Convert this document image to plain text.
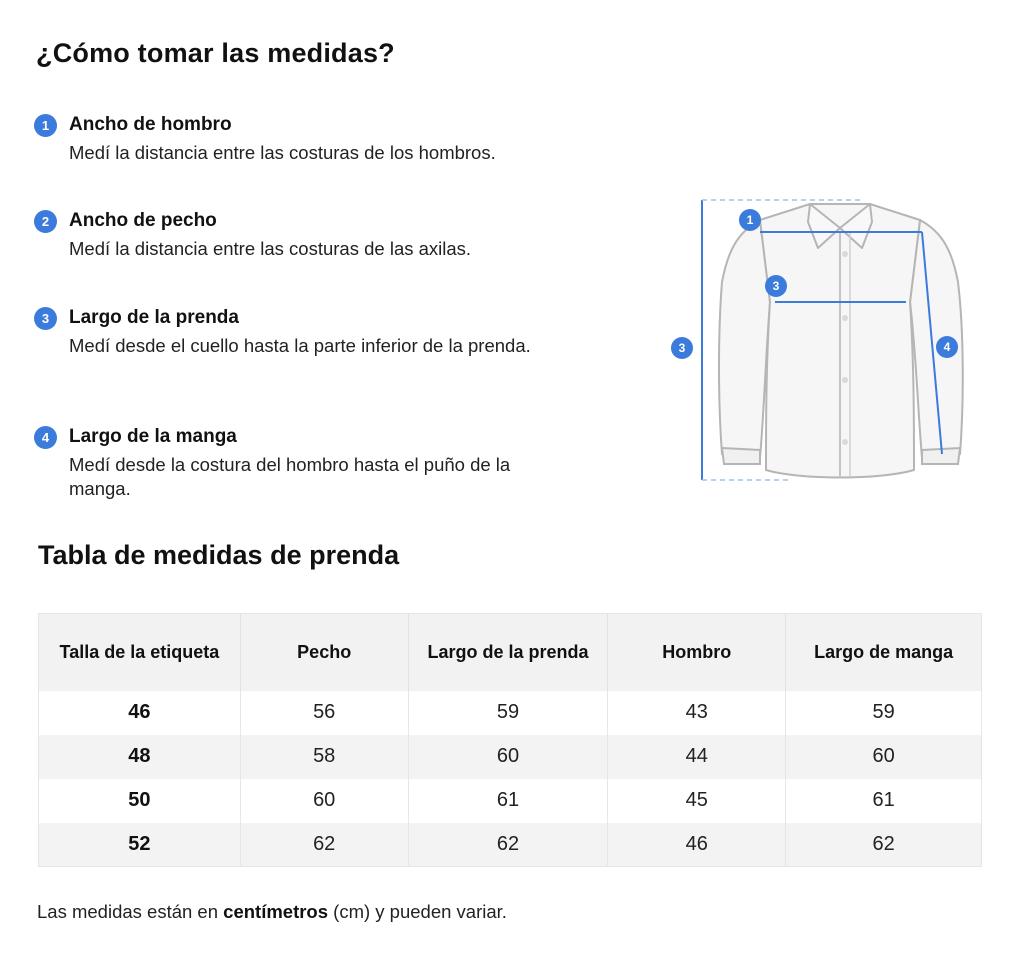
¿Cómo tomar las medidas?
1	Ancho de hombro
Medí la distancia entre las costuras de los hombros.
2	Ancho de pecho
Medí la distancia entre las costuras de las axilas.
3	Largo de la prenda
Medí desde el cuello hasta la parte inferior de la prenda.
4	Largo de la manga
Medí desde la costura del hombro hasta el puño de la manga.
1
3
3	4
Tabla de medidas de prenda
Talla de la etiqueta	Pecho	Largo de la prenda	Hombro	Largo de manga
46	56	59	43	59
48	58	60	44	60
50	60	61	45	61
52	62	62	46	62

Las medidas están en centímetros (cm) y pueden variar.
